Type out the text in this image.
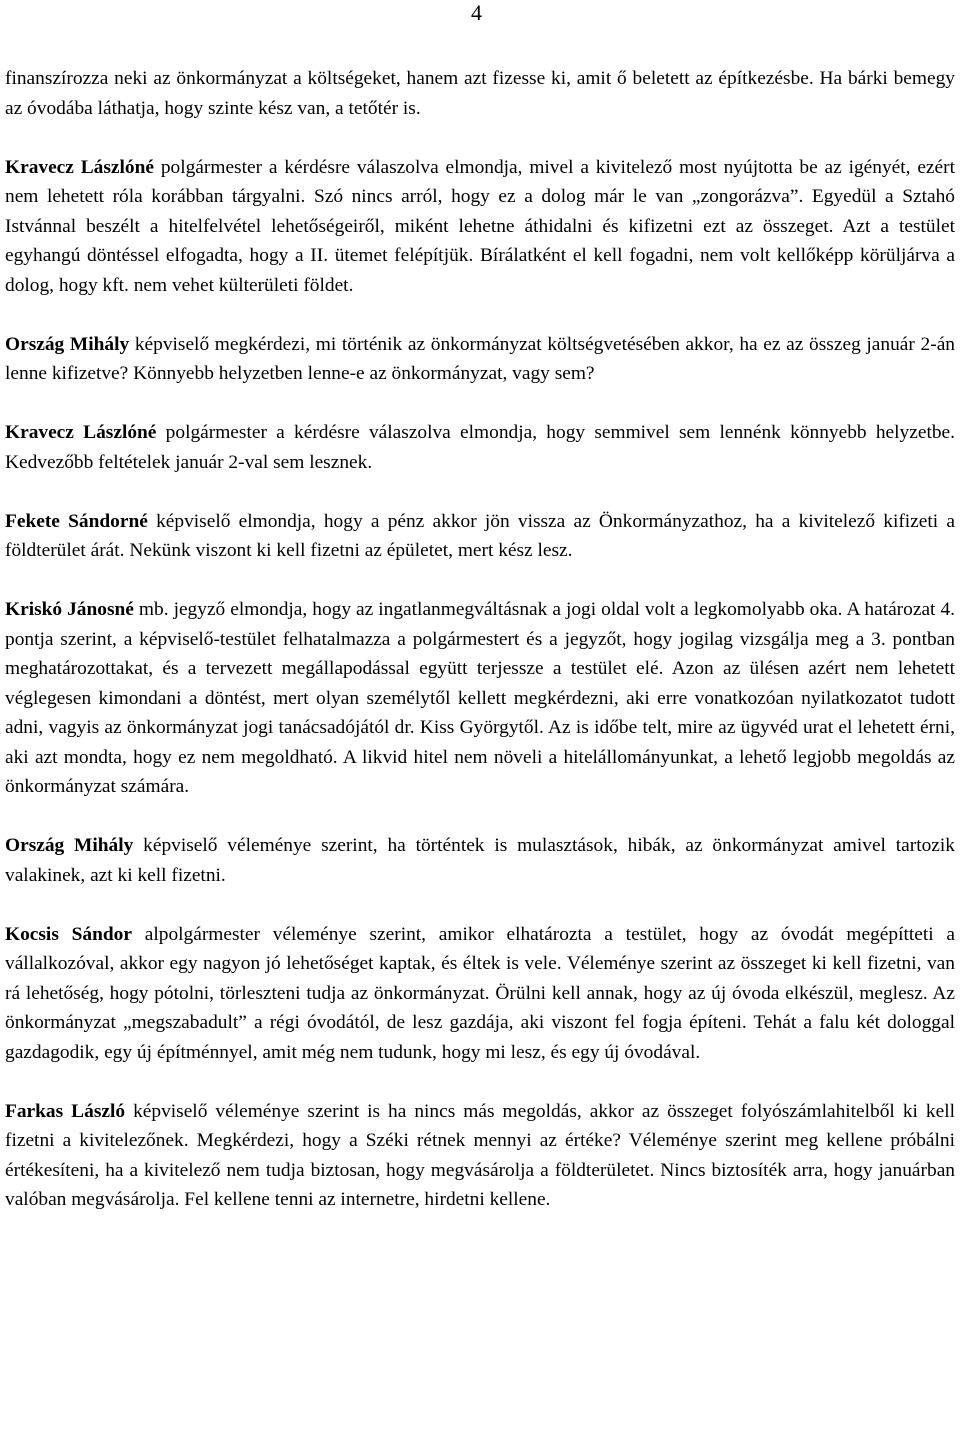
4

finanszírozza neki az önkormányzat a költségeket, hanem azt fizesse ki, amit ő beletett az építkezésbe. Ha bárki bemegy az óvodába láthatja, hogy szinte kész van, a tetőtér is.

Kravecz Lászlóné polgármester a kérdésre válaszolva elmondja, mivel a kivitelező most nyújtotta be az igényét, ezért nem lehetett róla korábban tárgyalni. Szó nincs arról, hogy ez a dolog már le van „zongorázva”. Egyedül a Sztahó Istvánnal beszélt a hitelfelvétel lehetőségeiről, miként lehetne áthidalni és kifizetni ezt az összeget. Azt a testület egyhangú döntéssel elfogadta, hogy a II. ütemet felépítjük. Bírálatként el kell fogadni, nem volt kellőképp körüljárva a dolog, hogy kft. nem vehet külterületi földet.

Ország Mihály képviselő megkérdezi, mi történik az önkormányzat költségvetésében akkor, ha ez az összeg január 2-án lenne kifizetve? Könnyebb helyzetben lenne-e az önkormányzat, vagy sem?

Kravecz Lászlóné polgármester a kérdésre válaszolva elmondja, hogy semmivel sem lennénk könnyebb helyzetbe. Kedvezőbb feltételek január 2-val sem lesznek.

Fekete Sándorné képviselő elmondja, hogy a pénz akkor jön vissza az Önkormányzathoz, ha a kivitelező kifizeti a földterület árát. Nekünk viszont ki kell fizetni az épületet, mert kész lesz.

Kriskó Jánosné mb. jegyző elmondja, hogy az ingatlanmegváltásnak a jogi oldal volt a legkomolyabb oka. A határozat 4. pontja szerint, a képviselő-testület felhatalmazza a polgármestert és a jegyzőt, hogy jogilag vizsgálja meg a 3. pontban meghatározottakat, és a tervezett megállapodással együtt terjessze a testület elé. Azon az ülésen azért nem lehetett véglegesen kimondani a döntést, mert olyan személytől kellett megkérdezni, aki erre vonatkozóan nyilatkozatot tudott adni, vagyis az önkormányzat jogi tanácsadójától dr. Kiss Györgytől. Az is időbe telt, mire az ügyvéd urat el lehetett érni, aki azt mondta, hogy ez nem megoldható. A likvid hitel nem növeli a hitelállományunkat, a lehető legjobb megoldás az önkormányzat számára.

Ország Mihály képviselő véleménye szerint, ha történtek is mulasztások, hibák, az önkormányzat amivel tartozik valakinek, azt ki kell fizetni.

Kocsis Sándor alpolgármester véleménye szerint, amikor elhatározta a testület, hogy az óvodát megépítteti a vállalkozóval, akkor egy nagyon jó lehetőséget kaptak, és éltek is vele. Véleménye szerint az összeget ki kell fizetni, van rá lehetőség, hogy pótolni, törleszteni tudja az önkormányzat. Örülni kell annak, hogy az új óvoda elkészül, meglesz. Az önkormányzat „megszabadult” a régi óvodától, de lesz gazdája, aki viszont fel fogja építeni. Tehát a falu két dologgal gazdagodik, egy új építménnyel, amit még nem tudunk, hogy mi lesz, és egy új óvodával.

Farkas László képviselő véleménye szerint is ha nincs más megoldás, akkor az összeget folyószámlahitelből ki kell fizetni a kivitelezőnek. Megkérdezi, hogy a Széki rétnek mennyi az értéke? Véleménye szerint meg kellene próbálni értékesíteni, ha a kivitelező nem tudja biztosan, hogy megvásárolja a földterületet. Nincs biztosíték arra, hogy januárban valóban megvásárolja. Fel kellene tenni az internetre, hirdetni kellene.
